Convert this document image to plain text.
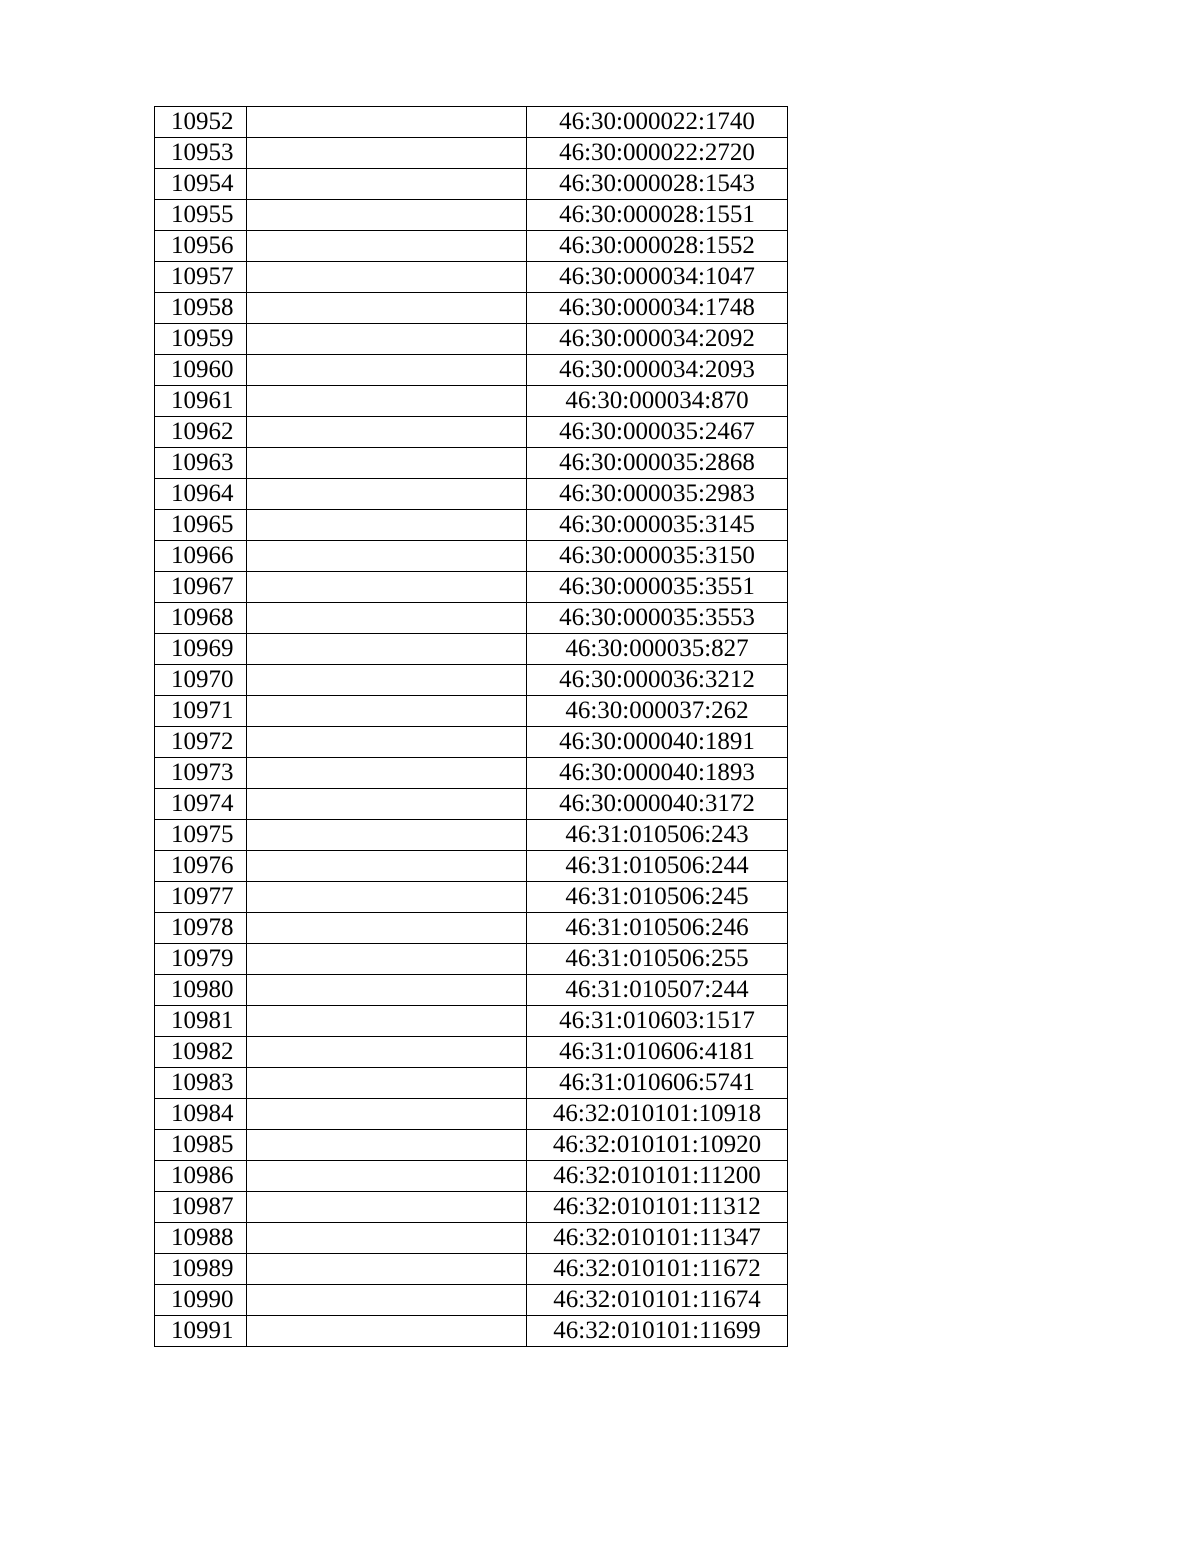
10952		46:30:000022:1740
10953		46:30:000022:2720
10954		46:30:000028:1543
10955		46:30:000028:1551
10956		46:30:000028:1552
10957		46:30:000034:1047
10958		46:30:000034:1748
10959		46:30:000034:2092
10960		46:30:000034:2093
10961		46:30:000034:870
10962		46:30:000035:2467
10963		46:30:000035:2868
10964		46:30:000035:2983
10965		46:30:000035:3145
10966		46:30:000035:3150
10967		46:30:000035:3551
10968		46:30:000035:3553
10969		46:30:000035:827
10970		46:30:000036:3212
10971		46:30:000037:262
10972		46:30:000040:1891
10973		46:30:000040:1893
10974		46:30:000040:3172
10975		46:31:010506:243
10976		46:31:010506:244
10977		46:31:010506:245
10978		46:31:010506:246
10979		46:31:010506:255
10980		46:31:010507:244
10981		46:31:010603:1517
10982		46:31:010606:4181
10983		46:31:010606:5741
10984		46:32:010101:10918
10985		46:32:010101:10920
10986		46:32:010101:11200
10987		46:32:010101:11312
10988		46:32:010101:11347
10989		46:32:010101:11672
10990		46:32:010101:11674
10991		46:32:010101:11699
